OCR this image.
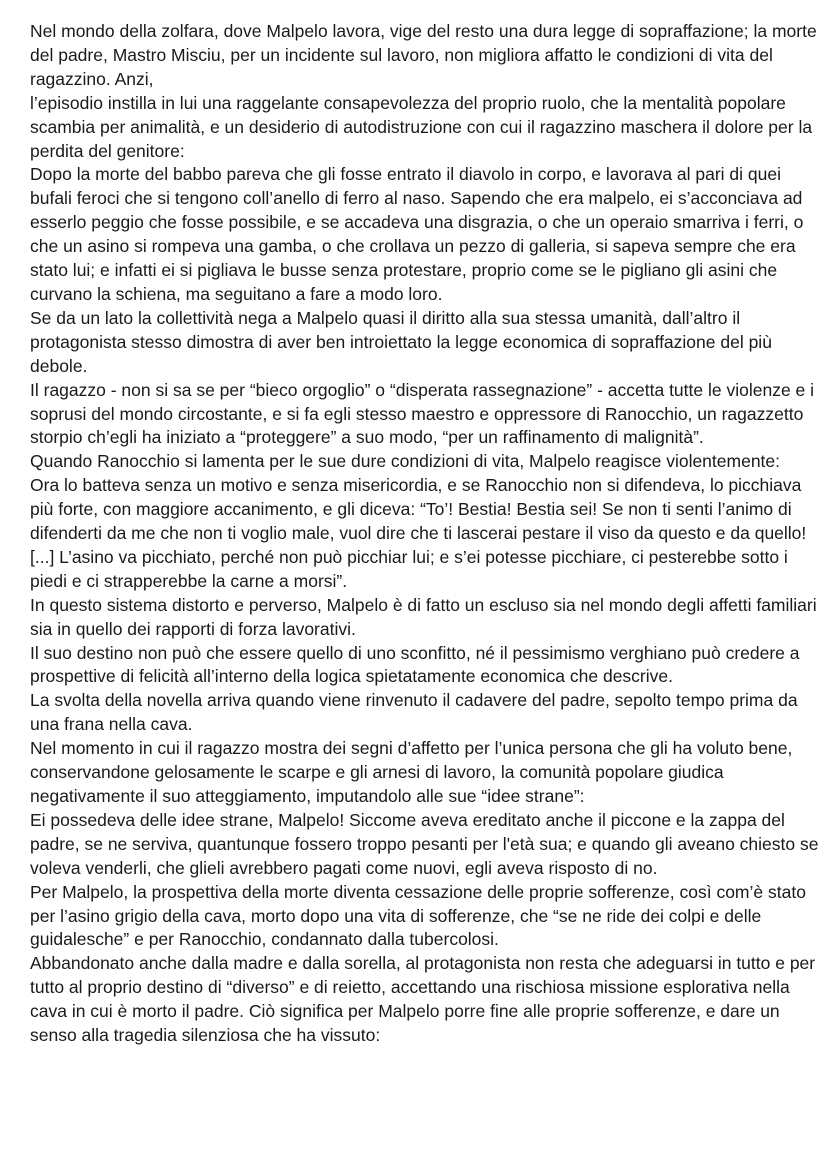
Nel mondo della zolfara, dove Malpelo lavora, vige del resto una dura legge di sopraffazione; la morte del padre, Mastro Misciu, per un incidente sul lavoro, non migliora affatto le condizioni di vita del ragazzino. Anzi,

l’episodio instilla in lui una raggelante consapevolezza del proprio ruolo, che la mentalità popolare scambia per animalità, e un desiderio di autodistruzione con cui il ragazzino maschera il dolore per la perdita del genitore:

Dopo la morte del babbo pareva che gli fosse entrato il diavolo in corpo, e lavorava al pari di quei bufali feroci che si tengono coll’anello di ferro al naso. Sapendo che era malpelo, ei s’acconciava ad esserlo peggio che fosse possibile, e se accadeva una disgrazia, o che un operaio smarriva i ferri, o che un asino si rompeva una gamba, o che crollava un pezzo di galleria, si sapeva sempre che era stato lui; e infatti ei si pigliava le busse senza protestare, proprio come se le pigliano gli asini che curvano la schiena, ma seguitano a fare a modo loro.

Se da un lato la collettività nega a Malpelo quasi il diritto alla sua stessa umanità, dall’altro il protagonista stesso dimostra di aver ben introiettato la legge economica di sopraffazione del più debole.

Il ragazzo - non si sa se per “bieco orgoglio” o “disperata rassegnazione” - accetta tutte le violenze e i soprusi del mondo circostante, e si fa egli stesso maestro e oppressore di Ranocchio, un ragazzetto storpio ch’egli ha iniziato a “proteggere” a suo modo, “per un raffinamento di malignità”.

Quando Ranocchio si lamenta per le sue dure condizioni di vita, Malpelo reagisce violentemente:

Ora lo batteva senza un motivo e senza misericordia, e se Ranocchio non si difendeva, lo picchiava più forte, con maggiore accanimento, e gli diceva: “To’! Bestia! Bestia sei! Se non ti senti l’animo di difenderti da me che non ti voglio male, vuol dire che ti lascerai pestare il viso da questo e da quello! [...] L’asino va picchiato, perché non può picchiar lui; e s’ei potesse picchiare, ci pesterebbe sotto i piedi e ci strapperebbe la carne a morsi”.

In questo sistema distorto e perverso, Malpelo è di fatto un escluso sia nel mondo degli affetti familiari sia in quello dei rapporti di forza lavorativi.

Il suo destino non può che essere quello di uno sconfitto, né il pessimismo verghiano può credere a prospettive di felicità all’interno della logica spietatamente economica che descrive.

La svolta della novella arriva quando viene rinvenuto il cadavere del padre, sepolto tempo prima da una frana nella cava.

Nel momento in cui il ragazzo mostra dei segni d’affetto per l’unica persona che gli ha voluto bene, conservandone gelosamente le scarpe e gli arnesi di lavoro, la comunità popolare giudica negativamente il suo atteggiamento, imputandolo alle sue “idee strane”:

Ei possedeva delle idee strane, Malpelo! Siccome aveva ereditato anche il piccone e la zappa del padre, se ne serviva, quantunque fossero troppo pesanti per l'età sua; e quando gli aveano chiesto se voleva venderli, che glieli avrebbero pagati come nuovi, egli aveva risposto di no.

Per Malpelo, la prospettiva della morte diventa cessazione delle proprie sofferenze, così com’è stato per l’asino grigio della cava, morto dopo una vita di sofferenze, che “se ne ride dei colpi e delle guidalesche” e per Ranocchio, condannato dalla tubercolosi.

Abbandonato anche dalla madre e dalla sorella, al protagonista non resta che adeguarsi in tutto e per tutto al proprio destino di “diverso” e di reietto, accettando una rischiosa missione esplorativa nella cava in cui è morto il padre. Ciò significa per Malpelo porre fine alle proprie sofferenze, e dare un senso alla tragedia silenziosa che ha vissuto:
